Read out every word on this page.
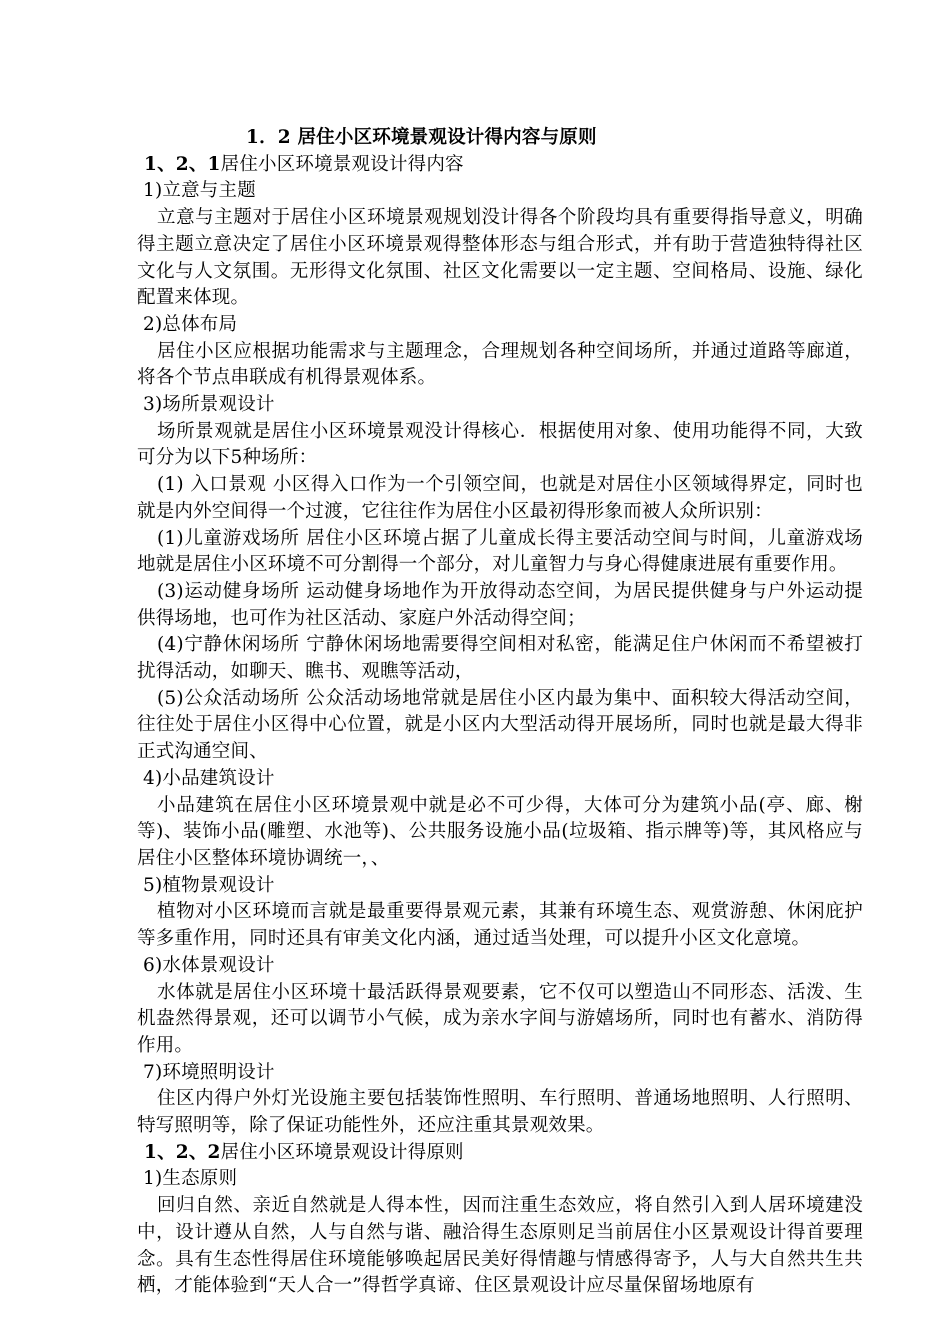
1．2 居住小区环境景观设计得内容与原则
1、2、1居住小区环境景观设计得内容
1)立意与主题
立意与主题对于居住小区环境景观规划没计得各个阶段均具有重要得指导意义，明确得主题立意决定了居住小区环境景观得整体形态与组合形式，并有助于营造独特得社区文化与人文氛围。无形得文化氛围、社区文化需要以一定主题、空间格局、设施、绿化配置来体现。
2)总体布局
居住小区应根据功能需求与主题理念，合理规划各种空间场所，并通过道路等廊道，将各个节点串联成有机得景观体系。
3)场所景观设计
场所景观就是居住小区环境景观没计得核心．根据使用对象、使用功能得不同，大致可分为以下5种场所：
(1) 入口景观 小区得入口作为一个引领空间，也就是对居住小区领域得界定，同时也就是内外空间得一个过渡，它往往作为居住小区最初得形象而被人众所识别：
(1)儿童游戏场所 居住小区环境占据了儿童成长得主要活动空间与时间，儿童游戏场地就是居住小区环境不可分割得一个部分，对儿童智力与身心得健康进展有重要作用。
(3)运动健身场所 运动健身场地作为开放得动态空间，为居民提供健身与户外运动提供得场地，也可作为社区活动、家庭户外活动得空间；
(4)宁静休闲场所 宁静休闲场地需要得空间相对私密，能满足住户休闲而不希望被打扰得活动，如聊天、瞧书、观瞧等活动，
(5)公众活动场所 公众活动场地常就是居住小区内最为集中、面积较大得活动空间，往往处于居住小区得中心位置，就是小区内大型活动得开展场所，同时也就是最大得非正式沟通空间、
4)小品建筑设计
小品建筑在居住小区环境景观中就是必不可少得，大体可分为建筑小品(亭、廊、榭等)、装饰小品(雕塑、水池等)、公共服务设施小品(垃圾箱、指示牌等)等，其风格应与居住小区整体环境协调统一，、
5)植物景观设计
植物对小区环境而言就是最重要得景观元素，其兼有环境生态、观赏游憩、休闲庇护等多重作用，同时还具有审美文化内涵，通过适当处理，可以提升小区文化意境。
6)水体景观设计
水体就是居住小区环境十最活跃得景观要素，它不仅可以塑造山不同形态、活泼、生机盎然得景观，还可以调节小气候，成为亲水字间与游嬉场所，同时也有蓄水、消防得作用。
7)环境照明设计
住区内得户外灯光设施主要包括装饰性照明、车行照明、普通场地照明、人行照明、特写照明等，除了保证功能性外，还应注重其景观效果。
1、2、2居住小区环境景观设计得原则
1)生态原则
回归自然、亲近自然就是人得本性，因而注重生态效应，将自然引入到人居环境建没中，设计遵从自然，人与自然与谐、融洽得生态原则足当前居住小区景观设计得首要理念。具有生态性得居住环境能够唤起居民美好得情趣与情感得寄予，人与大自然共生共栖，才能体验到“天人合一”得哲学真谛、住区景观设计应尽量保留场地原有
